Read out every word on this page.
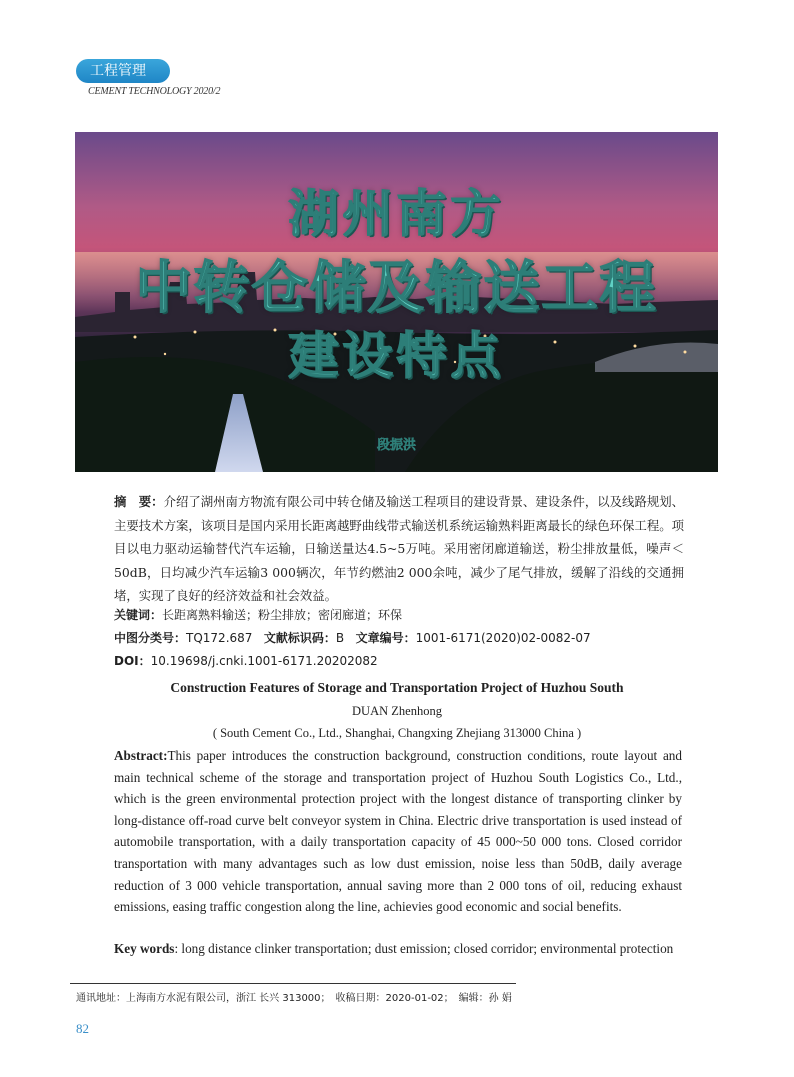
工程管理
CEMENT TECHNOLOGY 2020/2
湖州南方
中转仓储及输送工程
建设特点
段振洪
摘　要：介绍了湖州南方物流有限公司中转仓储及输送工程项目的建设背景、建设条件，以及线路规划、主要技术方案，该项目是国内采用长距离越野曲线带式输送机系统运输熟料距离最长的绿色环保工程。项目以电力驱动运输替代汽车运输，日输送量达4.5~5万吨。采用密闭廊道输送，粉尘排放量低，噪声＜50dB，日均减少汽车运输3 000辆次，年节约燃油2 000余吨，减少了尾气排放，缓解了沿线的交通拥堵，实现了良好的经济效益和社会效益。
关键词：长距离熟料输送；粉尘排放；密闭廊道；环保
中图分类号：TQ172.687 文献标识码：B 文章编号：1001-6171(2020)02-0082-07
DOI：10.19698/j.cnki.1001-6171.20202082
Construction Features of Storage and Transportation Project of Huzhou South
DUAN Zhenhong
( South Cement Co., Ltd., Shanghai, Changxing Zhejiang 313000 China )
Abstract:This paper introduces the construction background, construction conditions, route layout and main technical scheme of the storage and transportation project of Huzhou South Logistics Co., Ltd., which is the green environmental protection project with the longest distance of transporting clinker by long-distance off-road curve belt conveyor system in China. Electric drive transportation is used instead of automobile transportation, with a daily transportation capacity of 45 000~50 000 tons. Closed corridor transportation with many advantages such as low dust emission, noise less than 50dB, daily average reduction of 3 000 vehicle transportation, annual saving more than 2 000 tons of oil, reducing exhaust emissions, easing traffic congestion along the line, achievies good economic and social benefits.
Key words: long distance clinker transportation; dust emission; closed corridor; environmental protection
通讯地址：上海南方水泥有限公司，浙江 长兴 313000；　收稿日期：2020-01-02；　编辑：孙 娟
82
